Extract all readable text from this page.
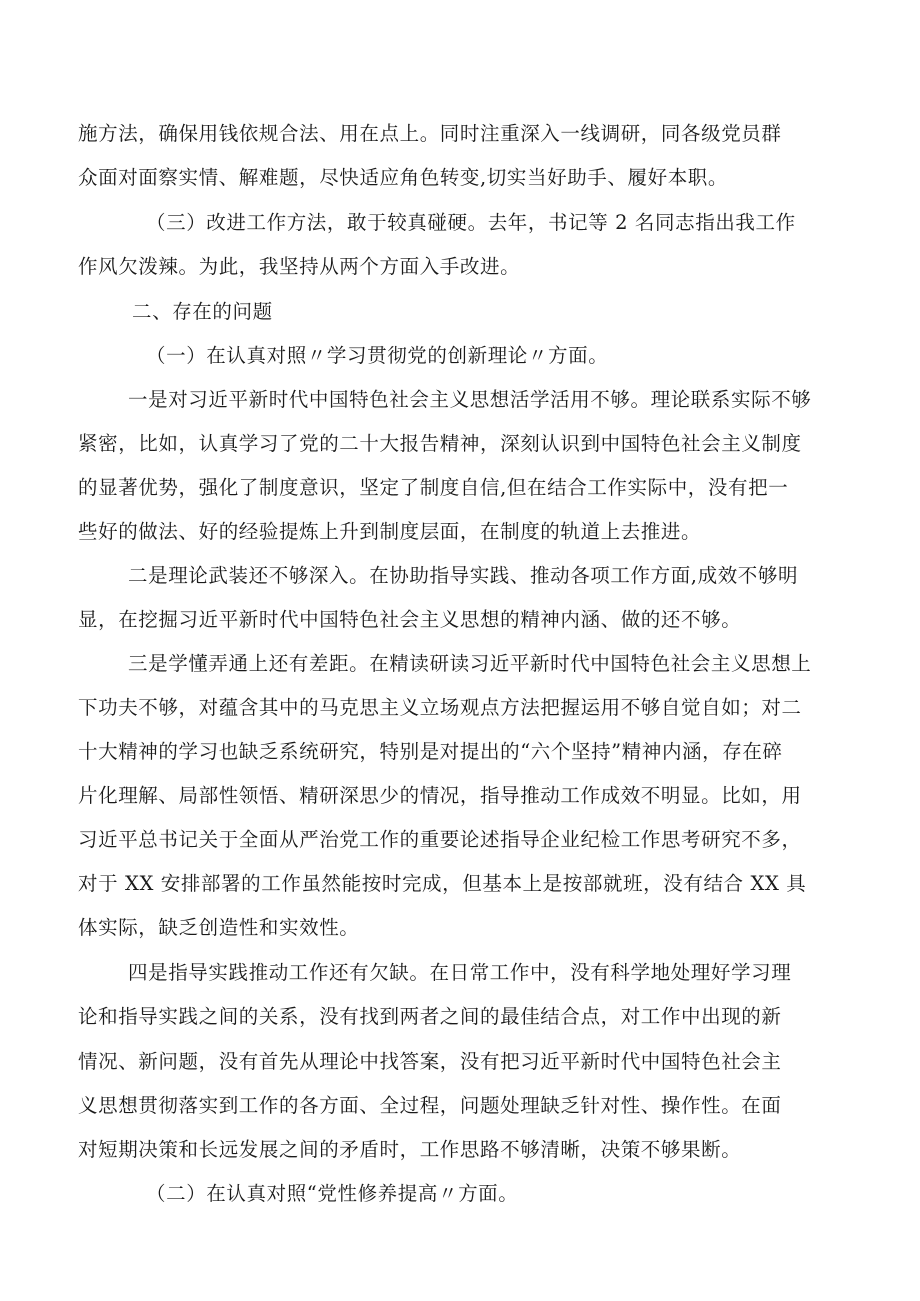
施方法，确保用钱依规合法、用在点上。同时注重深入一线调研，同各级党员群
众面对面察实情、解难题，尽快适应角色转变,切实当好助手、履好本职。
（三）改进工作方法，敢于较真碰硬。去年，书记等 2 名同志指出我工作
作风欠泼辣。为此，我坚持从两个方面入手改进。
二、存在的问题
（一）在认真对照〃学习贯彻党的创新理论〃方面。
一是对习近平新时代中国特色社会主义思想活学活用不够。理论联系实际不够
紧密，比如，认真学习了党的二十大报告精神，深刻认识到中国特色社会主义制度
的显著优势，强化了制度意识，坚定了制度自信,但在结合工作实际中，没有把一
些好的做法、好的经验提炼上升到制度层面，在制度的轨道上去推进。
二是理论武装还不够深入。在协助指导实践、推动各项工作方面,成效不够明
显，在挖掘习近平新时代中国特色社会主义思想的精神内涵、做的还不够。
三是学懂弄通上还有差距。在精读研读习近平新时代中国特色社会主义思想上
下功夫不够，对蕴含其中的马克思主义立场观点方法把握运用不够自觉自如；对二
十大精神的学习也缺乏系统研究，特别是对提出的“六个坚持”精神内涵，存在碎
片化理解、局部性领悟、精研深思少的情况，指导推动工作成效不明显。比如，用
习近平总书记关于全面从严治党工作的重要论述指导企业纪检工作思考研究不多，
对于 XX 安排部署的工作虽然能按时完成，但基本上是按部就班，没有结合 XX 具
体实际，缺乏创造性和实效性。
四是指导实践推动工作还有欠缺。在日常工作中，没有科学地处理好学习理
论和指导实践之间的关系，没有找到两者之间的最佳结合点，对工作中出现的新
情况、新问题，没有首先从理论中找答案，没有把习近平新时代中国特色社会主
义思想贯彻落实到工作的各方面、全过程，问题处理缺乏针对性、操作性。在面
对短期决策和长远发展之间的矛盾时，工作思路不够清晰，决策不够果断。
（二）在认真对照“党性修养提高〃方面。
